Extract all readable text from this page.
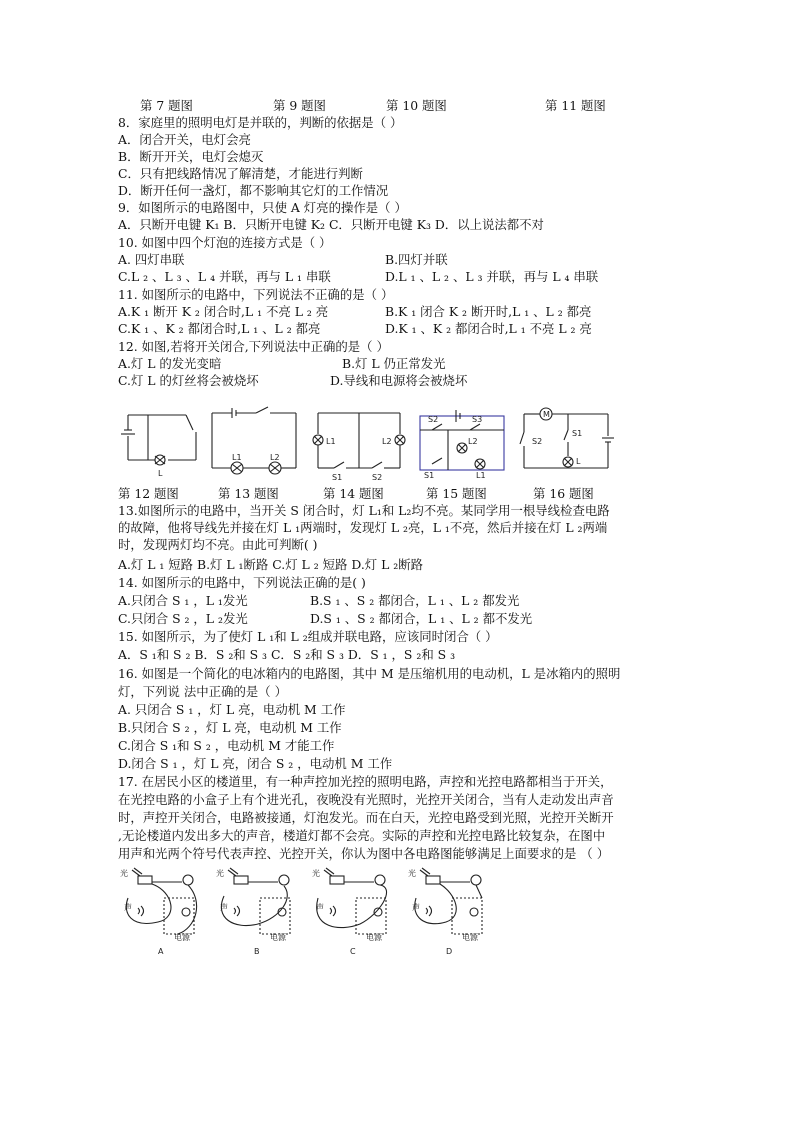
第 7 题图	第 9 题图	第 10 题图	第 11 题图
8．家庭里的照明电灯是并联的，判断的依据是（ ）
A．闭合开关，电灯会亮
B．断开开关，电灯会熄灭
C．只有把线路情况了解清楚，才能进行判断
D．断开任何一盏灯，都不影响其它灯的工作情况
9．如图所示的电路图中，只使 A 灯亮的操作是（ ）
A．只断开电键 K₁ B．只断开电键 K₂ C．只断开电键 K₃ D．以上说法都不对
10. 如图中四个灯泡的连接方式是（ ）
A. 四灯串联	B.四灯并联
C.L ₂ 、L ₃ 、L ₄ 并联，再与 L ₁ 串联	D.L ₁ 、L ₂ 、L ₃ 并联，再与 L ₄ 串联
11. 如图所示的电路中，下列说法不正确的是（ ）
A.K ₁ 断开 K ₂ 闭合时,L ₁ 不亮 L ₂ 亮	B.K ₁ 闭合 K ₂ 断开时,L ₁ 、L ₂ 都亮
C.K ₁ 、K ₂ 都闭合时,L ₁ 、L ₂ 都亮	D.K ₁ 、K ₂ 都闭合时,L ₁ 不亮 L ₂ 亮
12. 如图,若将开关闭合,下列说法中正确的是（ ）
A.灯 L 的发光变暗	B.灯 L 仍正常发光
C.灯 L 的灯丝将会被烧坏	D.导线和电源将会被烧坏
L
L1	L2
L1	L2
S1	S2
S2	S3
L2
S1	L1
M
S2
S1
L
第 12 题图	第 13 题图	第 14 题图	第 15 题图	第 16 题图
13.如图所示的电路中，当开关 S 闭合时，灯 L₁和 L₂均不亮。某同学用一根导线检查电路
的故障，他将导线先并接在灯 L ₁两端时，发现灯 L ₂亮，L ₁不亮，然后并接在灯 L ₂两端
时，发现两灯均不亮。由此可判断( )
A.灯 L ₁ 短路 B.灯 L ₁断路 C.灯 L ₂ 短路 D.灯 L ₂断路
14. 如图所示的电路中，下列说法正确的是( )
A.只闭合 S ₁ ，L ₁发光	B.S ₁ 、S ₂ 都闭合，L ₁ 、L ₂ 都发光
C.只闭合 S ₂ ，L ₂发光	D.S ₁ 、S ₂ 都闭合，L ₁ 、L ₂ 都不发光
15. 如图所示，为了使灯 L ₁和 L ₂组成并联电路，应该同时闭合（ ）
A．S ₁和 S ₂ B．S ₂和 S ₃ C．S ₂和 S ₃ D．S ₁ ，S ₂和 S ₃
16. 如图是一个简化的电冰箱内的电路图，其中 M 是压缩机用的电动机，L 是冰箱内的照明
灯，下列说 法中正确的是（ ）
A. 只闭合 S ₁ ，灯 L 亮，电动机 M 工作
B.只闭合 S ₂ ，灯 L 亮，电动机 M 工作
C.闭合 S ₁和 S ₂ ，电动机 M 才能工作
D.闭合 S ₁ ，灯 L 亮，闭合 S ₂ ，电动机 M 工作
17. 在居民小区的楼道里，有一种声控加光控的照明电路，声控和光控电路都相当于开关，
在光控电路的小盒子上有个进光孔，夜晚没有光照时，光控开关闭合，当有人走动发出声音
时，声控开关闭合，电路被接通，灯泡发光。而在白天，光控电路受到光照，光控开关断开
,无论楼道内发出多大的声音，楼道灯都不会亮。实际的声控和光控电路比较复杂，在图中
用声和光两个符号代表声控、光控开关，你认为图中各电路图能够满足上面要求的是 （ ）
光
声
电源
A
光
声
电源
B
光
声
电源
C
光
声
电源
D
